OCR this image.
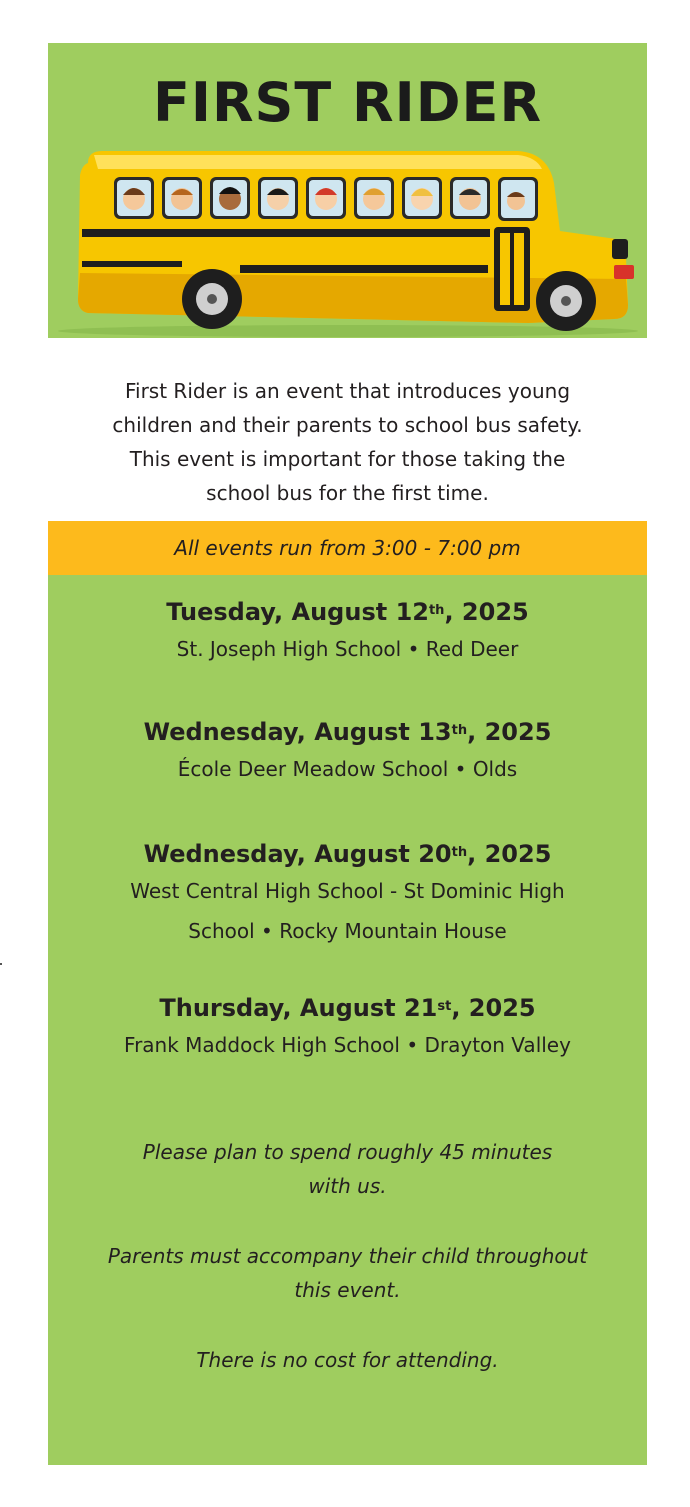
FIRST RIDER
First Rider is an event that introduces young
children and their parents to school bus safety.
This event is important for those taking the
school bus for the first time.
All events run from 3:00 - 7:00 pm
Tuesday, August 12th, 2025
St. Joseph High School • Red Deer
Wednesday, August 13th, 2025
École Deer Meadow School • Olds
Wednesday, August 20th, 2025
West Central High School - St Dominic High
School • Rocky Mountain House
Thursday, August 21st, 2025
Frank Maddock High School • Drayton Valley
Please plan to spend roughly 45 minutes
with us.
Parents must accompany their child throughout
this event.
There is no cost for attending.
